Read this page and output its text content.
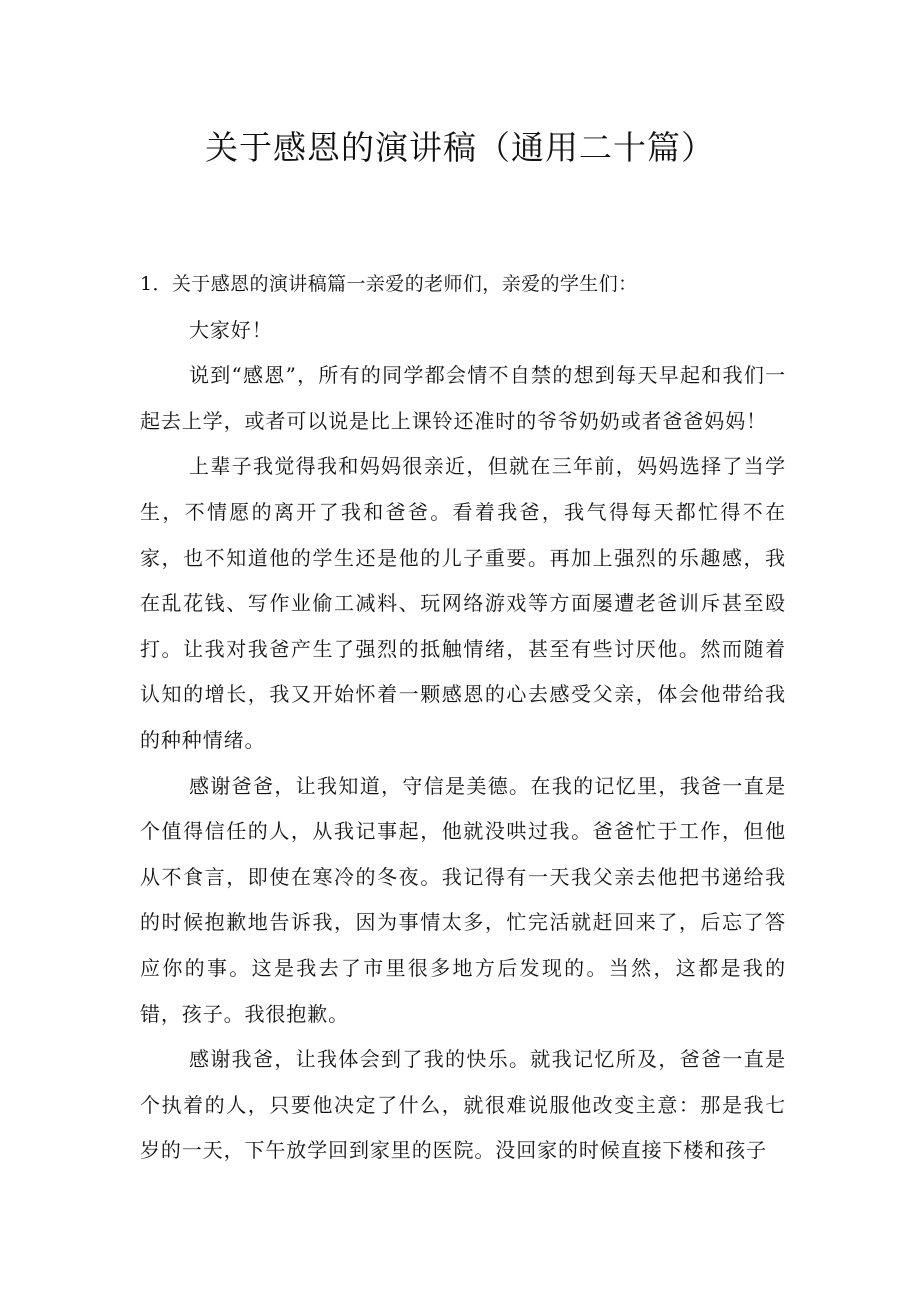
关于感恩的演讲稿（通用二十篇）

1．关于感恩的演讲稿篇一亲爱的老师们，亲爱的学生们：

大家好！

说到“感恩”，所有的同学都会情不自禁的想到每天早起和我们一起去上学，或者可以说是比上课铃还准时的爷爷奶奶或者爸爸妈妈！

上辈子我觉得我和妈妈很亲近，但就在三年前，妈妈选择了当学生，不情愿的离开了我和爸爸。看着我爸，我气得每天都忙得不在家，也不知道他的学生还是他的儿子重要。再加上强烈的乐趣感，我在乱花钱、写作业偷工减料、玩网络游戏等方面屡遭老爸训斥甚至殴打。让我对我爸产生了强烈的抵触情绪，甚至有些讨厌他。然而随着认知的增长，我又开始怀着一颗感恩的心去感受父亲，体会他带给我的种种情绪。

感谢爸爸，让我知道，守信是美德。在我的记忆里，我爸一直是个值得信任的人，从我记事起，他就没哄过我。爸爸忙于工作，但他从不食言，即使在寒冷的冬夜。我记得有一天我父亲去他把书递给我的时候抱歉地告诉我，因为事情太多，忙完活就赶回来了，后忘了答应你的事。这是我去了市里很多地方后发现的。当然，这都是我的错，孩子。我很抱歉。

感谢我爸，让我体会到了我的快乐。就我记忆所及，爸爸一直是个执着的人，只要他决定了什么，就很难说服他改变主意：那是我七岁的一天，下午放学回到家里的医院。没回家的时候直接下楼和孩子
